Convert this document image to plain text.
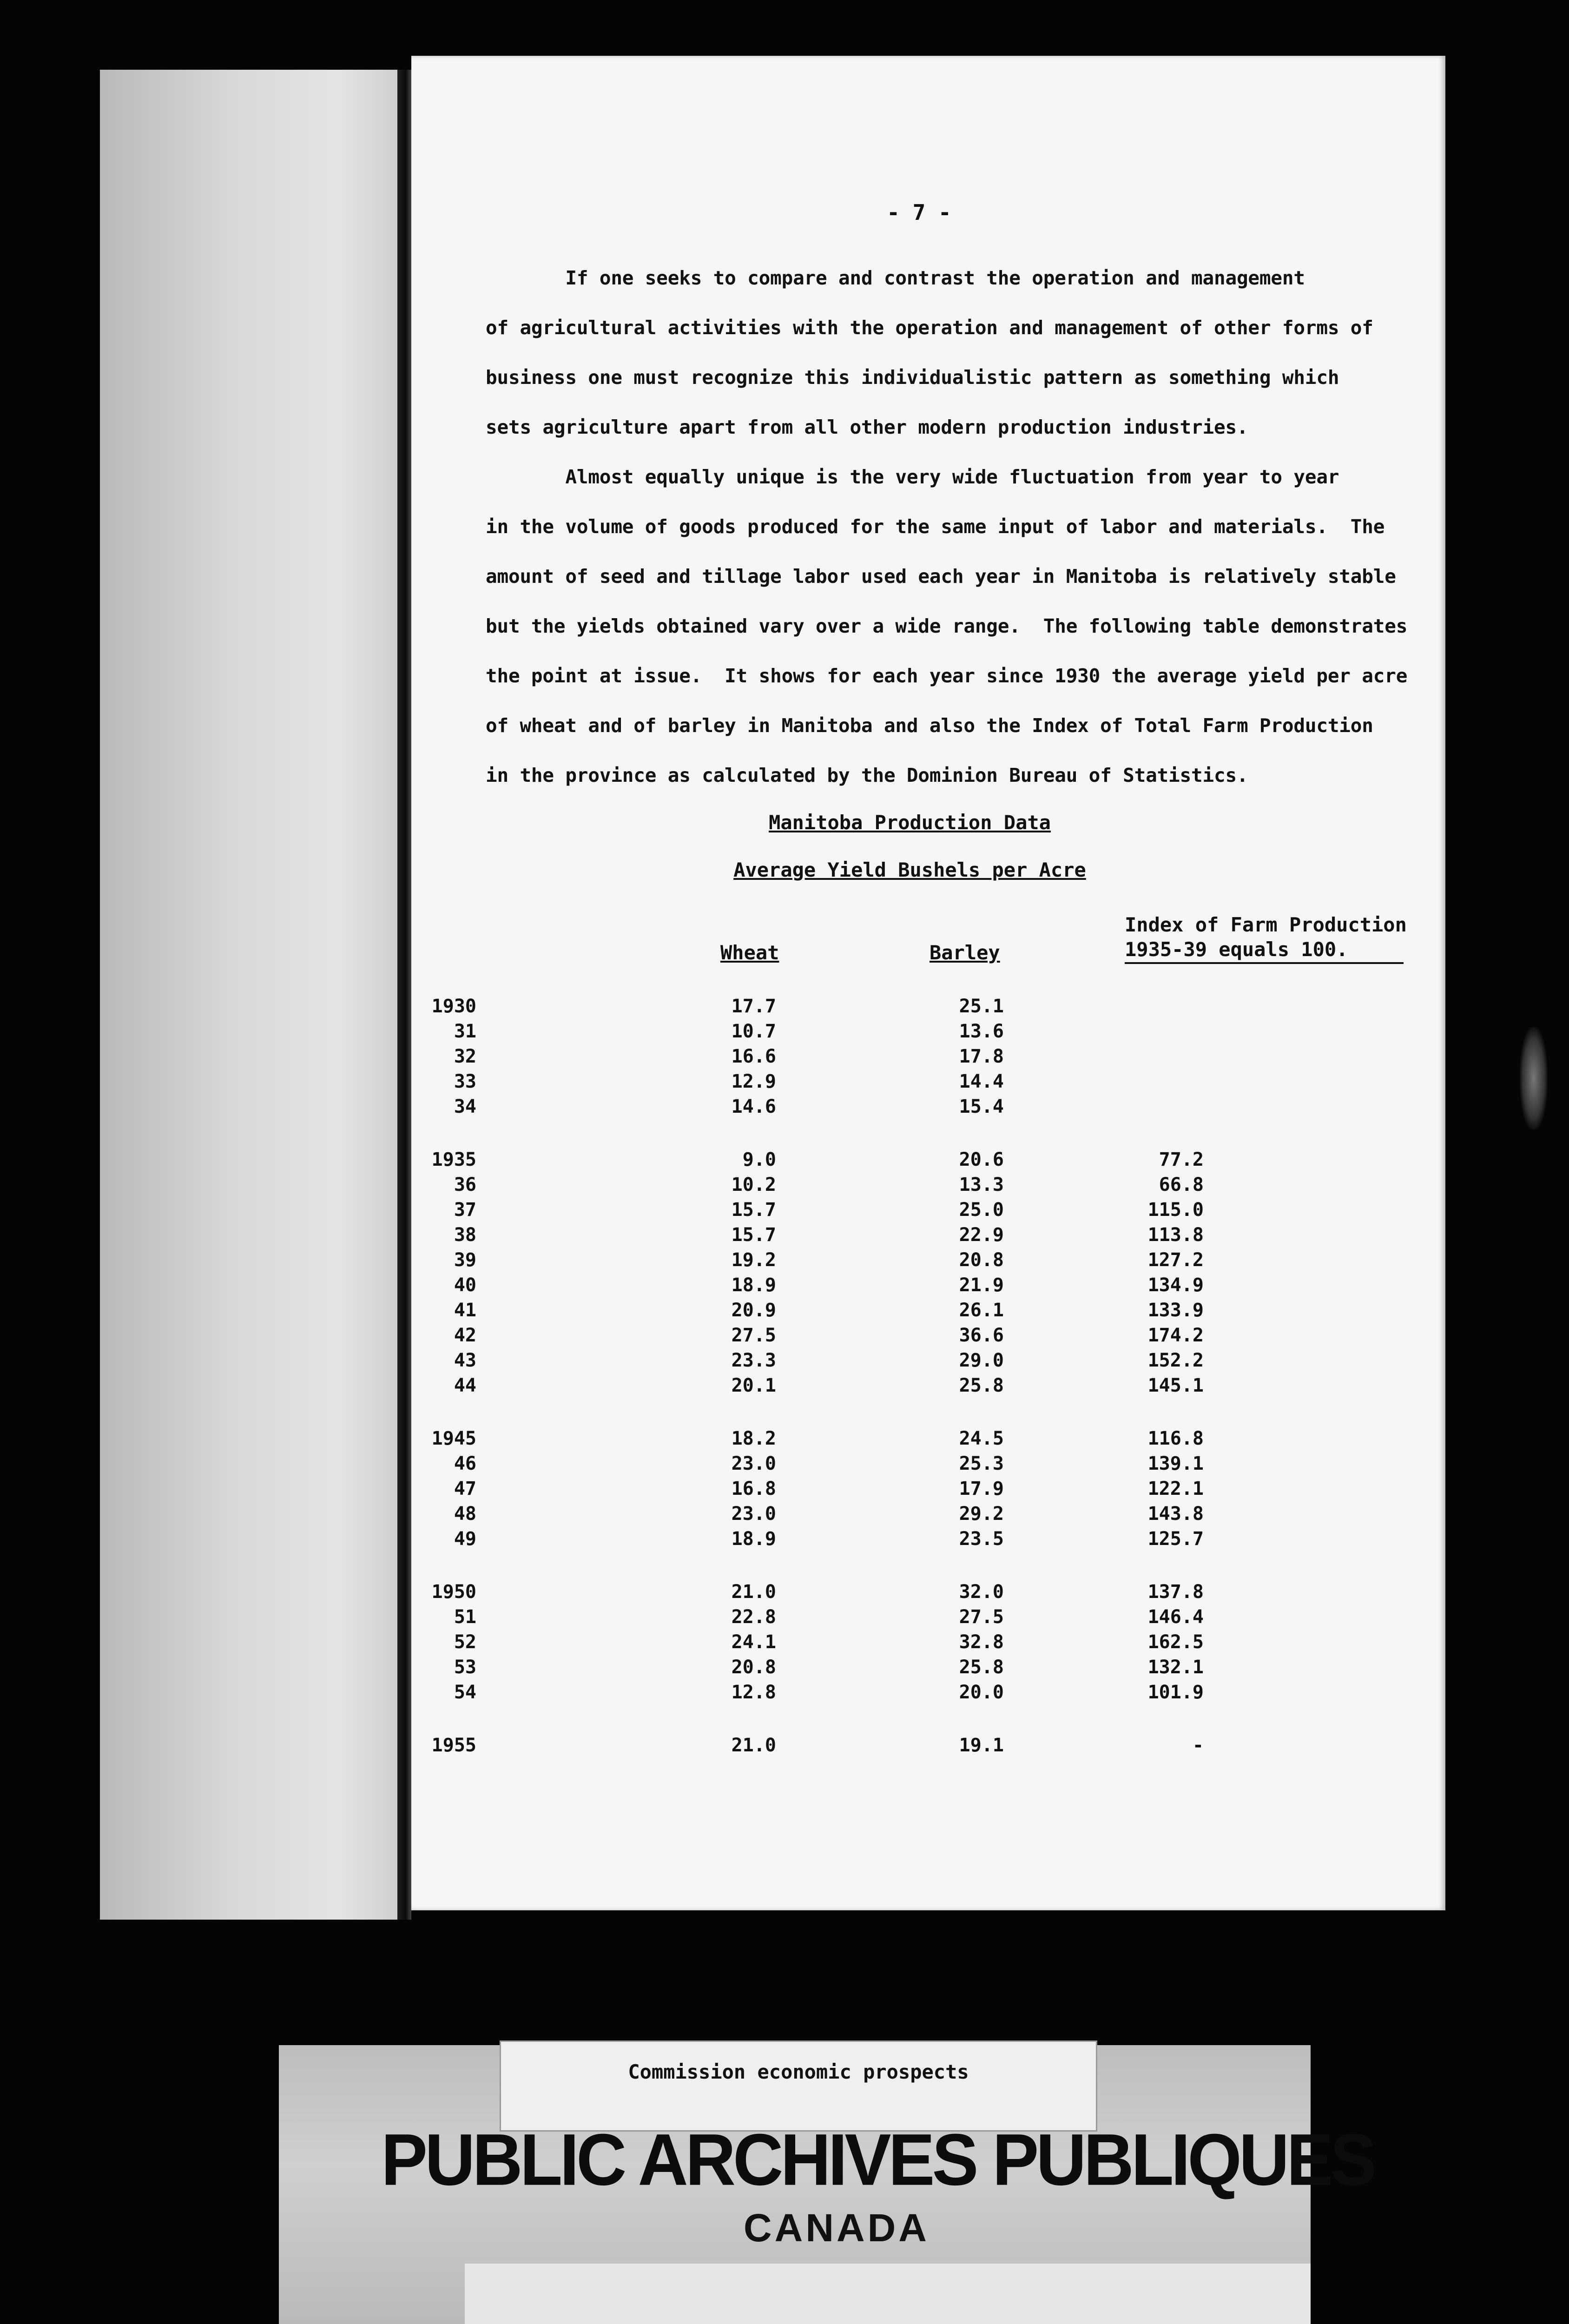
- 7 -
If one seeks to compare and contrast the operation and management
of agricultural activities with the operation and management of other forms of
business one must recognize this individualistic pattern as something which
sets agriculture apart from all other modern production industries.
Almost equally unique is the very wide fluctuation from year to year
in the volume of goods produced for the same input of labor and materials.  The
amount of seed and tillage labor used each year in Manitoba is relatively stable
but the yields obtained vary over a wide range.  The following table demonstrates
the point at issue.  It shows for each year since 1930 the average yield per acre
of wheat and of barley in Manitoba and also the Index of Total Farm Production
in the province as calculated by the Dominion Bureau of Statistics.
Manitoba Production Data
Average Yield Bushels per Acre
Wheat	Barley
Index of Farm Production
1935-39 equals 100.
1930	17.7	25.1
31	10.7	13.6
32	16.6	17.8
33	12.9	14.4
34	14.6	15.4
1935	9.0	20.6	77.2
36	10.2	13.3	66.8
37	15.7	25.0	115.0
38	15.7	22.9	113.8
39	19.2	20.8	127.2
40	18.9	21.9	134.9
41	20.9	26.1	133.9
42	27.5	36.6	174.2
43	23.3	29.0	152.2
44	20.1	25.8	145.1
1945	18.2	24.5	116.8
46	23.0	25.3	139.1
47	16.8	17.9	122.1
48	23.0	29.2	143.8
49	18.9	23.5	125.7
1950	21.0	32.0	137.8
51	22.8	27.5	146.4
52	24.1	32.8	162.5
53	20.8	25.8	132.1
54	12.8	20.0	101.9
1955	21.0	19.1	-
Commission economic prospects
PUBLIC ARCHIVES PUBLIQUES
CANADA
